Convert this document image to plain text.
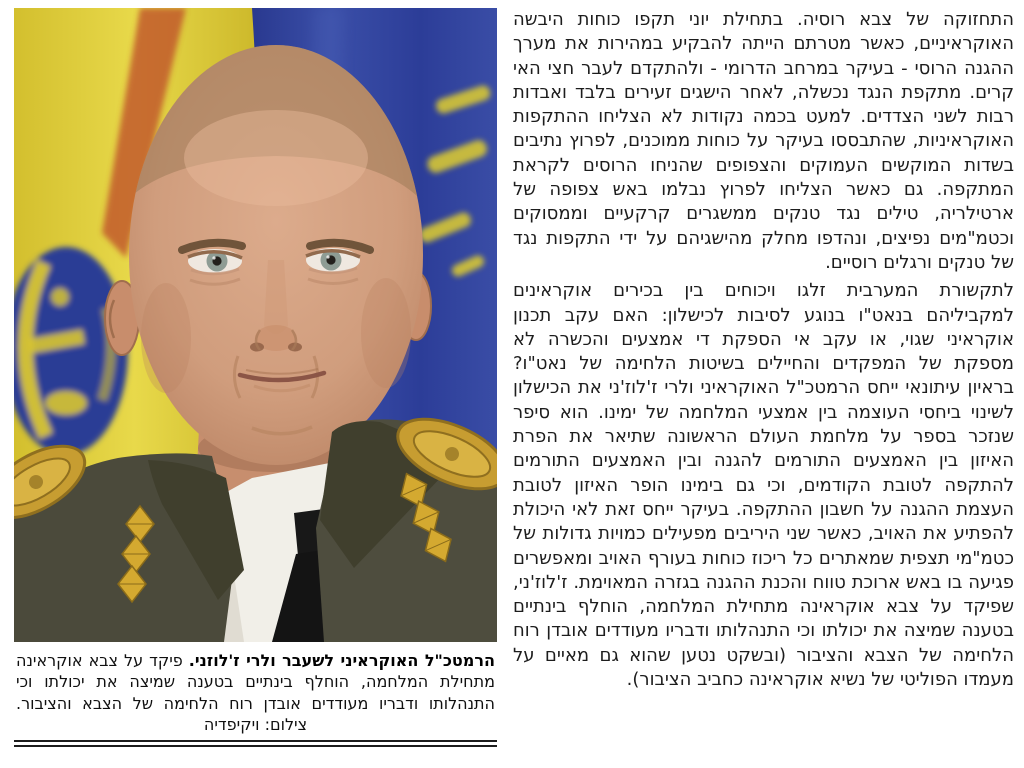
הרמטכ"ל האוקראיני לשעבר ולרי ז'לוזני. פיקד על צבא אוקראינה מתחילת המלחמה, הוחלף בינתיים בטענה שמיצה את יכולתו וכי התנהלותו ודבריו מעודדים אובדן רוח הלחימה של הצבא והציבור. צילום: ויקיפדיה

התחזוקה של צבא רוסיה. בתחילת יוני תקפו כוחות היבשה האוקראיניים, כאשר מטרתם הייתה להבקיע במהירות את מערך ההגנה הרוסי - בעיקר במרחב הדרומי - ולהתקדם לעבר חצי האי קרים. מתקפת הנגד נכשלה, לאחר הישגים זעירים בלבד ואבדות רבות לשני הצדדים. למעט בכמה נקודות לא הצליחו ההתקפות האוקראיניות, שהתבססו בעיקר על כוחות ממוכנים, לפרוץ נתיבים בשדות המוקשים העמוקים והצפופים שהניחו הרוסים לקראת המתקפה. גם כאשר הצליחו לפרוץ נבלמו באש צפופה של ארטילריה, טילים נגד טנקים ממשגרים קרקעיים וממסוקים וכטמ"מים נפיצים, ונהדפו מחלק מהישגיהם על ידי התקפות נגד של טנקים ורגלים רוסיים.

לתקשורת המערבית זלגו ויכוחים בין בכירים אוקראינים למקביליהם בנאט"ו בנוגע לסיבות לכישלון: האם עקב תכנון אוקראיני שגוי, או עקב אי הספקת די אמצעים והכשרה לא מספקת של המפקדים והחיילים בשיטות הלחימה של נאט"ו? בראיון עיתונאי ייחס הרמטכ"ל האוקראיני ולרי ז'לוז'ני את הכישלון לשינוי ביחסי העוצמה בין אמצעי המלחמה של ימינו. הוא סיפר שנזכר בספר על מלחמת העולם הראשונה שתיאר את הפרת האיזון בין האמצעים התורמים להגנה ובין האמצעים התורמים להתקפה לטובת הקודמים, וכי גם בימינו הופר האיזון לטובת העצמת ההגנה על חשבון ההתקפה. בעיקר ייחס זאת לאי היכולת להפתיע את האויב, כאשר שני היריבים מפעילים כמויות גדולות של כטמ"מי תצפית שמאתרים כל ריכוז כוחות בעורף האויב ומאפשרים פגיעה בו באש ארוכת טווח והכנת ההגנה בגזרה המאוימת. ז'לוז'ני, שפיקד על צבא אוקראינה מתחילת המלחמה, הוחלף בינתיים בטענה שמיצה את יכולתו וכי התנהלותו ודבריו מעודדים אובדן רוח הלחימה של הצבא והציבור (ובשקט נטען שהוא גם מאיים על מעמדו הפוליטי של נשיא אוקראינה כחביב הציבור).
